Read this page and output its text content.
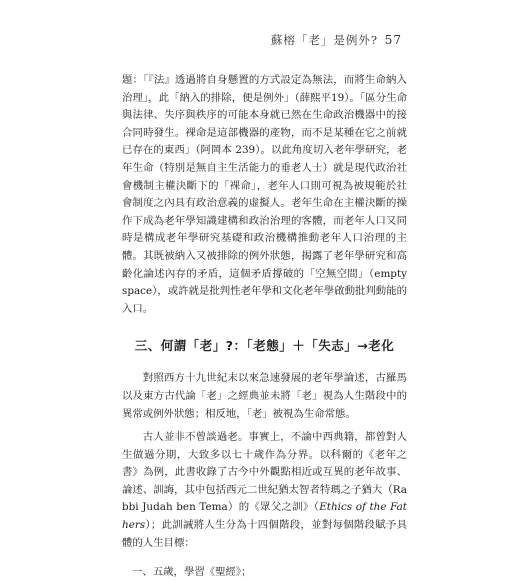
蘇榕「老」是例外? 57

題：「『法』透過將自身懸置的方式設定為無法，而將生命納入治理」，此「納入的排除，便是例外」（薛熙平19）。「區分生命與法律、失序與秩序的可能本身就已然在生命政治機器中的接合同時發生。裸命是這部機器的產物，而不是某種在它之前就已存在的東西」（阿岡本 239）。以此角度切入老年學研究，老年生命（特別是無自主生活能力的垂老人士）就是現代政治社會機制主權決斷下的「裸命」，老年人口則可視為被規範於社會制度之內具有政治意義的虛擬人。老年生命在主權決斷的操作下成為老年學知識建構和政治治理的客體，而老年人口又同時是構成老年學研究基礎和政治機構推動老年人口治理的主體。其既被納入又被排除的例外狀態，揭露了老年學研究和高齡化論述內存的矛盾，這個矛盾撐破的「空無空間」（empty space），或許就是批判性老年學和文化老年學啟動批判動能的入口。

三、何謂「老」?：「老態」＋「失志」→老化

對照西方十九世紀末以來急速發展的老年學論述，古羅馬以及東方古代論「老」之經典並未將「老」視為人生階段中的異常或例外狀態；相反地，「老」被視為生命常態。

古人並非不曾談過老。事實上，不論中西典籍，都曾對人生做過分期，大致多以七十歲作為分界。以科爾的《老年之書》為例，此書收錄了古今中外觀點相近或互異的老年故事、論述、訓誨，其中包括西元二世紀猶太智者特瑪之子猶大（Rabbi Judah ben Tema）的《眾父之訓》（Ethics of the Fathers）；此訓誡將人生分為十四個階段，並對每個階段賦予具體的人生目標：

一、五歲，學習《聖經》；
